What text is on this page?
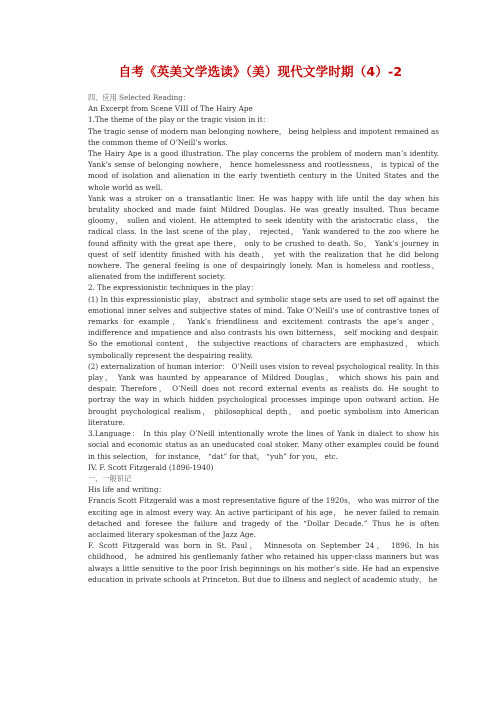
自考《英美文学选读》（美）现代文学时期（4）-2

四、应用 Selected Reading：

An Excerpt from Scene VIII of The Hairy Ape

1.The theme of the play or the tragic vision in it：

The tragic sense of modern man belonging nowhere， being helpless and impotent remained as the common theme of O’Neill’s works.

The Hairy Ape is a good illustration. The play concerns the problem of modern man’s identity. Yank’s sense of belonging nowhere， hence homelessness and rootlessness， is typical of the mood of isolation and alienation in the early twentieth century in the United States and the whole world as well.

Yank was a stroker on a transatlantic liner. He was happy with life until the day when his brutality shocked and made faint Mildred Douglas. He was greatly insulted. Thus became gloomy， sullen and violent. He attempted to seek identity with the aristocratic class， the radical class. In the last scene of the play， rejected， Yank wandered to the zoo where he found affinity with the great ape there， only to be crushed to death. So， Yank’s journey in quest of self identity finished with his death， yet with the realization that he did belong nowhere. The general feeling is one of despairingly lonely. Man is homeless and rootless， alienated from the indifferent society.

2. The expressionistic techniques in the play：

(1) In this expressionistic play， abstract and symbolic stage sets are used to set off against the emotional inner selves and subjective states of mind. Take O’Neill’s use of contrastive tones of remarks for example， Yank’s friendliness and excitement contrasts the ape’s anger， indifference and impatience and also contrasts his own bitterness， self mocking and despair. So the emotional content， the subjective reactions of characters are emphasized， which symbolically represent the despairing reality.

(2) externalization of human interior： O’Neill uses vision to reveal psychological reality. In this play， Yank was haunted by appearance of Mildred Douglas， which shows his pain and despair. Therefore， O’Neill does not record external events as realists do. He sought to portray the way in which hidden psychological processes impinge upon outward action. He brought psychological realism， philosophical depth， and poetic symbolism into American literature.

3.Language： In this play O’Neill intentionally wrote the lines of Yank in dialect to show his social and economic status as an uneducated coal stoker. Many other examples could be found in this selection， for instance， “dat” for that， “yuh” for you， etc.

IV. F. Scott Fitzgerald (1896-1940)

一、一般识记

His life and writing：

Francis Scott Fitzgerald was a most representative figure of the 1920s， who was mirror of the exciting age in almost every way. An active participant of his age， he never failed to remain detached and foresee the failure and tragedy of the “Dollar Decade.” Thus he is often acclaimed literary spokesman of the Jazz Age.

F. Scott Fitzgerald was born in St. Paul， Minnesota on September 24， 1896. In his childhood， he admired his gentlemanly father who retained his upper-class manners but was always a little sensitive to the poor Irish beginnings on his mother’s side. He had an expensive education in private schools at Princeton. But due to illness and neglect of academic study， he
